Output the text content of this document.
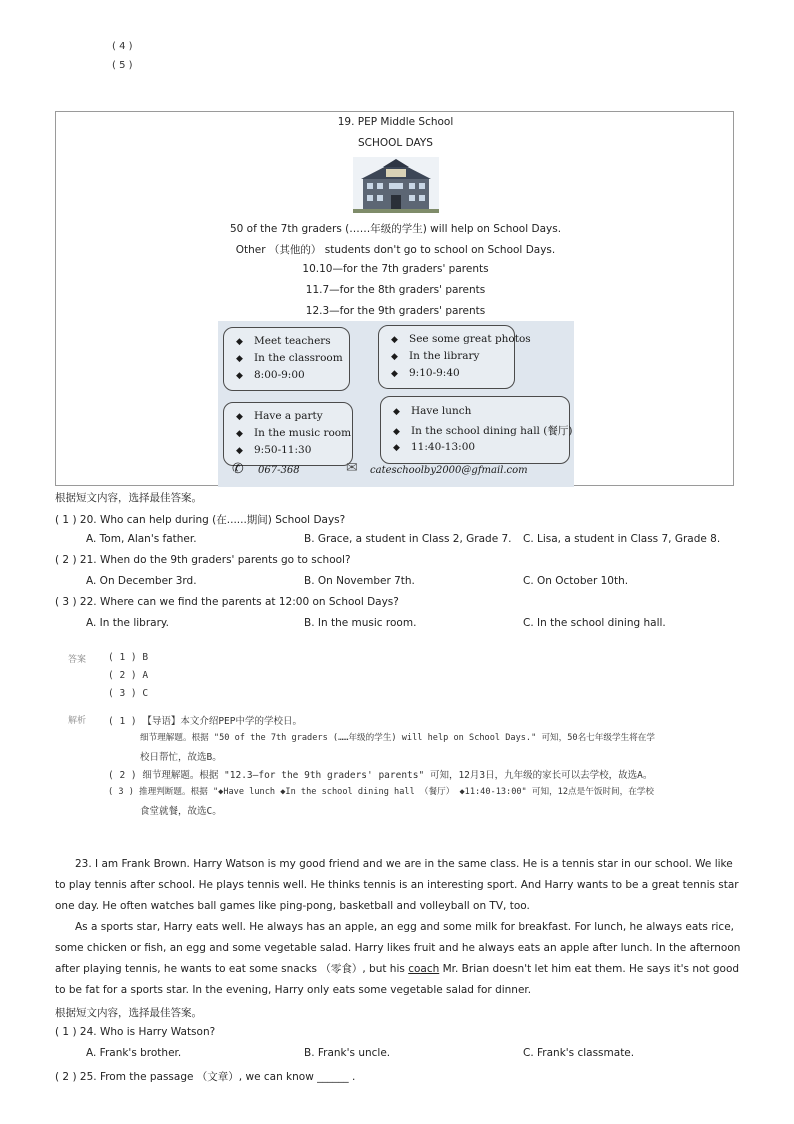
( 4 )
( 5 )
19. PEP Middle School
SCHOOL DAYS
50 of the 7th graders (……年级的学生) will help on School Days.
Other （其他的） students don't go to school on School Days.
10.10—for the 7th graders' parents
11.7—for the 8th graders' parents
12.3—for the 9th graders' parents
◆ Meet teachers
◆ In the classroom
◆ 8:00-9:00
◆ See some great photos
◆ In the library
◆ 9:10-9:40
◆ Have a party
◆ In the music room
◆ 9:50-11:30
◆ Have lunch
◆ In the school dining hall (餐厅)
◆ 11:40-13:00
✆ 067-368	✉ cateschoolby2000@gfmail.com
根据短文内容，选择最佳答案。
( 1 ) 20. Who can help during (在......期间) School Days?
A. Tom, Alan's father.	B. Grace, a student in Class 2, Grade 7. C. Lisa, a student in Class 7, Grade 8.
( 2 ) 21. When do the 9th graders' parents go to school?
A. On December 3rd.	B. On November 7th.	C. On October 10th.
( 3 ) 22. Where can we find the parents at 12:00 on School Days?
A. In the library.	B. In the music room.	C. In the school dining hall.
答案 ( 1 ) B
( 2 ) A
( 3 ) C
解析 ( 1 ) 【导语】本文介绍PEP中学的学校日。
细节理解题。根据 "50 of the 7th graders (……年级的学生) will help on School Days." 可知，50名七年级学生将在学
校日帮忙，故选B。
( 2 ) 细节理解题。根据 "12.3—for the 9th graders' parents" 可知，12月3日，九年级的家长可以去学校，故选A。
( 3 ) 推理判断题。根据 "◆Have lunch ◆In the school dining hall （餐厅） ◆11:40-13:00" 可知，12点是午饭时间，在学校
食堂就餐，故选C。
23. I am Frank Brown. Harry Watson is my good friend and we are in the same class. He is a tennis star in our school. We like to play tennis after school. He plays tennis well. He thinks tennis is an interesting sport. And Harry wants to be a great tennis star one day. He often watches ball games like ping-pong, basketball and volleyball on TV, too.
As a sports star, Harry eats well. He always has an apple, an egg and some milk for breakfast. For lunch, he always eats rice, some chicken or fish, an egg and some vegetable salad. Harry likes fruit and he always eats an apple after lunch. In the afternoon after playing tennis, he wants to eat some snacks （零食）, but his coach Mr. Brian doesn't let him eat them. He says it's not good to be fat for a sports star. In the evening, Harry only eats some vegetable salad for dinner.
根据短文内容，选择最佳答案。
( 1 ) 24. Who is Harry Watson?
A. Frank's brother.	B. Frank's uncle.	C. Frank's classmate.
( 2 ) 25. From the passage （文章）, we can know ______ .
